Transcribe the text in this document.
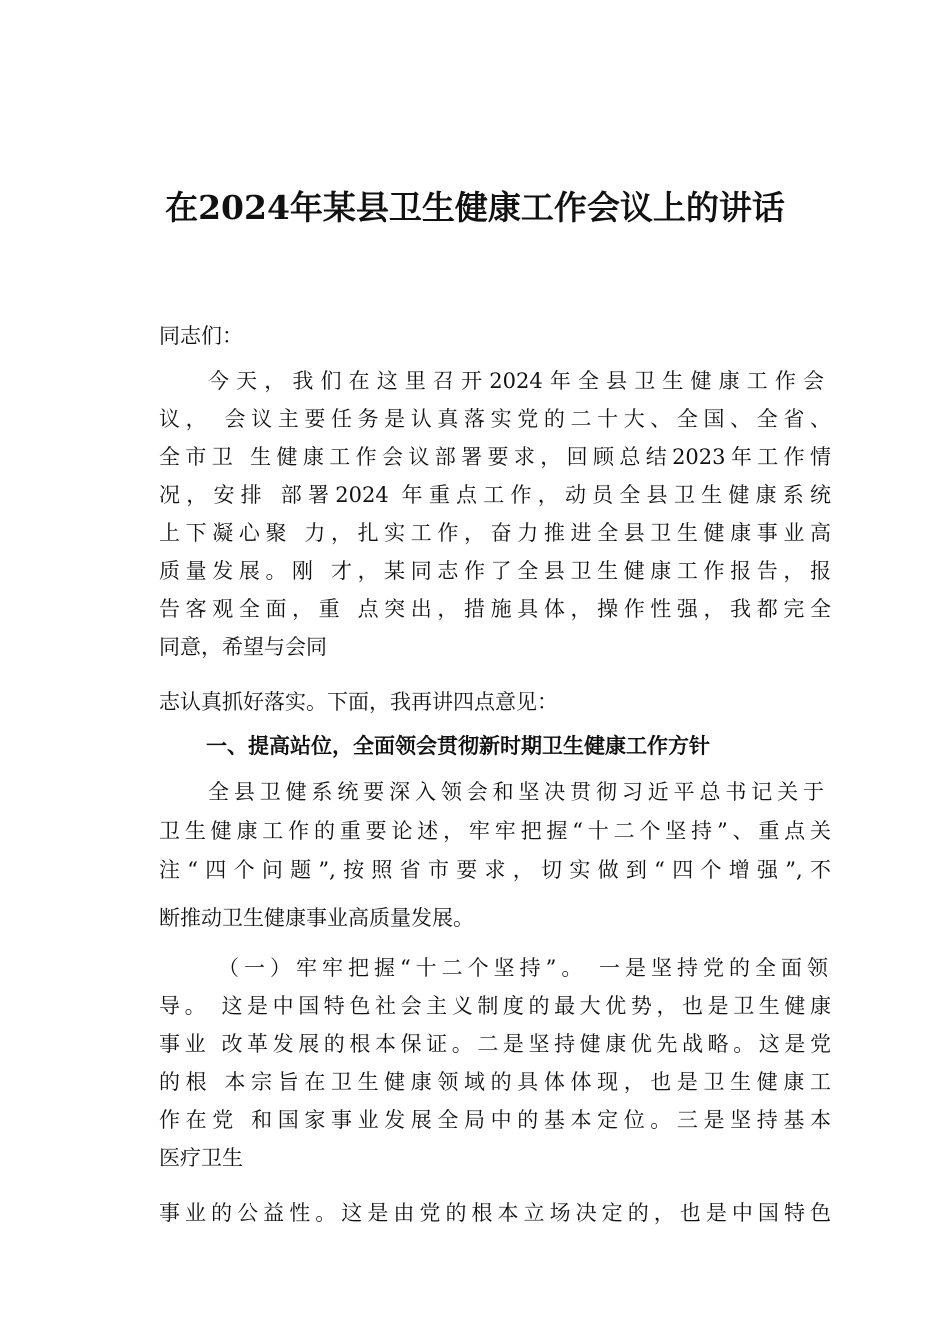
在2024年某县卫生健康工作会议上的讲话
同志们：
今天，我们在这里召开2024年全县卫生健康工作会
议， 会议主要任务是认真落实党的二十大、全国、全省、
全市卫 生健康工作会议部署要求，回顾总结2023年工作情
况，安排 部署2024 年重点工作，动员全县卫生健康系统
上下凝心聚 力，扎实工作，奋力推进全县卫生健康事业高
质量发展。刚 才，某同志作了全县卫生健康工作报告，报
告客观全面，重 点突出，措施具体，操作性强，我都完全
同意，希望与会同
志认真抓好落实。下面，我再讲四点意见：
一、提高站位，全面领会贯彻新时期卫生健康工作方针
全县卫健系统要深入领会和坚决贯彻习近平总书记关于
卫生健康工作的重要论述，牢牢把握“十二个坚持”、重点关
注“四个问题”,按照省市要求，切实做到“四个增强”,不
断推动卫生健康事业高质量发展。
（一）牢牢把握“十二个坚持”。 一是坚持党的全面领
导。 这是中国特色社会主义制度的最大优势，也是卫生健康
事业 改革发展的根本保证。二是坚持健康优先战略。这是党
的根 本宗旨在卫生健康领域的具体体现，也是卫生健康工
作在党 和国家事业发展全局中的基本定位。三是坚持基本
医疗卫生
事业的公益性。这是由党的根本立场决定的，也是中国特色
